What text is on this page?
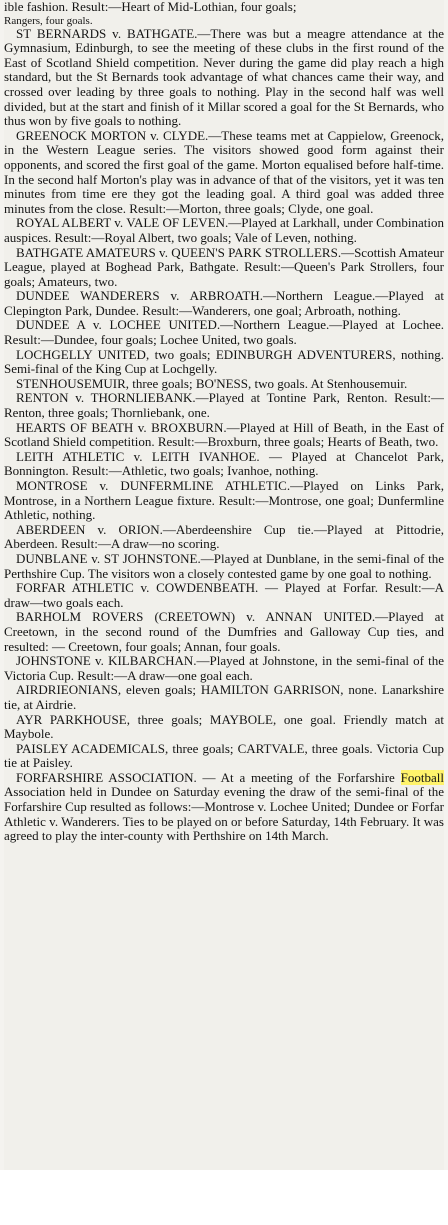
ible fashion. Result:—Heart of Mid-Lothian, four goals;

Rangers, four goals.

ST BERNARDS v. BATHGATE.—There was but a meagre attendance at the Gymnasium, Edinburgh, to see the meeting of these clubs in the first round of the East of Scotland Shield competition. Never during the game did play reach a high standard, but the St Bernards took advantage of what chances came their way, and crossed over leading by three goals to nothing. Play in the second half was well divided, but at the start and finish of it Millar scored a goal for the St Bernards, who thus won by five goals to nothing.

GREENOCK MORTON v. CLYDE.—These teams met at Cappielow, Greenock, in the Western League series. The visitors showed good form against their opponents, and scored the first goal of the game. Morton equalised before half-time. In the second half Morton's play was in advance of that of the visitors, yet it was ten minutes from time ere they got the leading goal. A third goal was added three minutes from the close. Result:—Morton, three goals; Clyde, one goal.

ROYAL ALBERT v. VALE OF LEVEN.—Played at Larkhall, under Combination auspices. Result:—Royal Albert, two goals; Vale of Leven, nothing.

BATHGATE AMATEURS v. QUEEN'S PARK STROLLERS.—Scottish Amateur League, played at Boghead Park, Bathgate. Result:—Queen's Park Strollers, four goals; Amateurs, two.

DUNDEE WANDERERS v. ARBROATH.—Northern League.—Played at Clepington Park, Dundee. Result:—Wanderers, one goal; Arbroath, nothing.

DUNDEE A v. LOCHEE UNITED.—Northern League.—Played at Lochee. Result:—Dundee, four goals; Lochee United, two goals.

LOCHGELLY UNITED, two goals; EDINBURGH ADVENTURERS, nothing. Semi-final of the King Cup at Lochgelly.

STENHOUSEMUIR, three goals; BO'NESS, two goals. At Stenhousemuir.

RENTON v. THORNLIEBANK.—Played at Tontine Park, Renton. Result:—Renton, three goals; Thornliebank, one.

HEARTS OF BEATH v. BROXBURN.—Played at Hill of Beath, in the East of Scotland Shield competition. Result:—Broxburn, three goals; Hearts of Beath, two.

LEITH ATHLETIC v. LEITH IVANHOE. — Played at Chancelot Park, Bonnington. Result:—Athletic, two goals; Ivanhoe, nothing.

MONTROSE v. DUNFERMLINE ATHLETIC.—Played on Links Park, Montrose, in a Northern League fixture. Result:—Montrose, one goal; Dunfermline Athletic, nothing.

ABERDEEN v. ORION.—Aberdeenshire Cup tie.—Played at Pittodrie, Aberdeen. Result:—A draw—no scoring.

DUNBLANE v. ST JOHNSTONE.—Played at Dunblane, in the semi-final of the Perthshire Cup. The visitors won a closely contested game by one goal to nothing.

FORFAR ATHLETIC v. COWDENBEATH. — Played at Forfar. Result:—A draw—two goals each.

BARHOLM ROVERS (CREETOWN) v. ANNAN UNITED.—Played at Creetown, in the second round of the Dumfries and Galloway Cup ties, and resulted: — Creetown, four goals; Annan, four goals.

JOHNSTONE v. KILBARCHAN.—Played at Johnstone, in the semi-final of the Victoria Cup. Result:—A draw—one goal each.

AIRDRIEONIANS, eleven goals; HAMILTON GARRISON, none. Lanarkshire tie, at Airdrie.

AYR PARKHOUSE, three goals; MAYBOLE, one goal. Friendly match at Maybole.

PAISLEY ACADEMICALS, three goals; CARTVALE, three goals. Victoria Cup tie at Paisley.

FORFARSHIRE ASSOCIATION. — At a meeting of the Forfarshire Football Association held in Dundee on Saturday evening the draw of the semi-final of the Forfarshire Cup resulted as follows:—Montrose v. Lochee United; Dundee or Forfar Athletic v. Wanderers. Ties to be played on or before Saturday, 14th February. It was agreed to play the inter-county with Perthshire on 14th March.
